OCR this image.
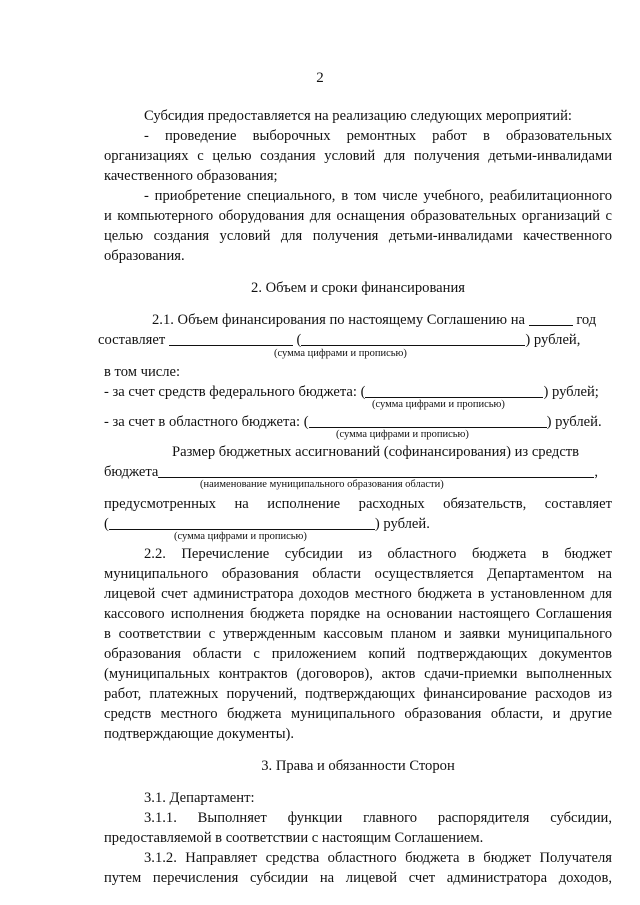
2
Субсидия предоставляется на реализацию следующих мероприятий:
- проведение выборочных ремонтных работ в образовательных
организациях с целью создания условий для получения детьми-инвалидами
качественного образования;
- приобретение специального, в том числе учебного, реабилитационного
и компьютерного оборудования для оснащения образовательных организаций с
целью создания условий для получения детьми-инвалидами качественного
образования.
2. Объем и сроки финансирования
2.1. Объем финансирования по настоящему Соглашению на	год
составляет	(	) рублей,
(сумма цифрами и прописью)
в том числе:
- за счет средств федерального бюджета: (	) рублей;
(сумма цифрами и прописью)
- за счет в областного бюджета: (	) рублей.
(сумма цифрами и прописью)
Размер бюджетных ассигнований (софинансирования) из средств
бюджета	,
(наименование муниципального образования области)
предусмотренных на исполнение расходных обязательств, составляет
(	) рублей.
(сумма цифрами и прописью)
2.2. Перечисление субсидии из областного бюджета в бюджет
муниципального образования области осуществляется Департаментом на
лицевой счет администратора доходов местного бюджета в установленном для
кассового исполнения бюджета порядке на основании настоящего Соглашения
в соответствии с утвержденным кассовым планом и заявки муниципального
образования области с приложением копий подтверждающих документов
(муниципальных контрактов (договоров), актов сдачи-приемки выполненных
работ, платежных поручений, подтверждающих финансирование расходов из
средств местного бюджета муниципального образования области, и другие
подтверждающие документы).
3. Права и обязанности Сторон
3.1. Департамент:
3.1.1. Выполняет функции главного распорядителя субсидии,
предоставляемой в соответствии с настоящим Соглашением.
3.1.2. Направляет средства областного бюджета в бюджет Получателя
путем перечисления субсидии на лицевой счет администратора доходов,
